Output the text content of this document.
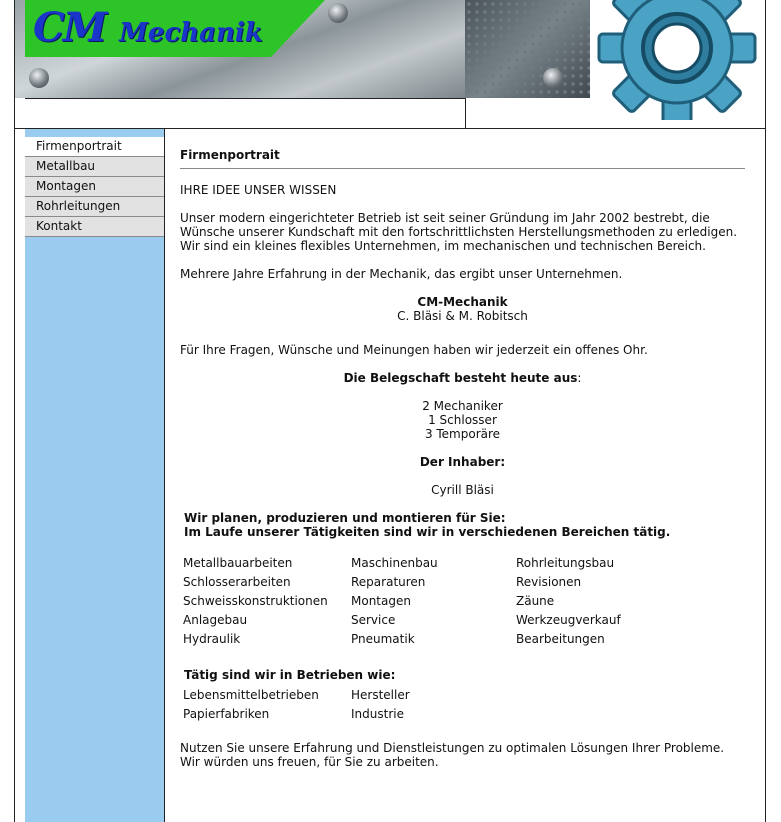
CM Mechanik
Firmenportrait
Metallbau
Montagen
Rohrleitungen
Kontakt
Firmenportrait

IHRE IDEE UNSER WISSEN

Unser modern eingerichteter Betrieb ist seit seiner Gründung im Jahr 2002 bestrebt, die Wünsche unserer Kundschaft mit den fortschrittlichsten Herstellungsmethoden zu erledigen. Wir sind ein kleines flexibles Unternehmen, im mechanischen und technischen Bereich.

Mehrere Jahre Erfahrung in der Mechanik, das ergibt unser Unternehmen.

CM-Mechanik
C. Bläsi & M. Robitsch

Für Ihre Fragen, Wünsche und Meinungen haben wir jederzeit ein offenes Ohr.

Die Belegschaft besteht heute aus:

2 Mechaniker
1 Schlosser
3 Temporäre

Der Inhaber:

Cyrill Bläsi

Wir planen, produzieren und montieren für Sie:
Im Laufe unserer Tätigkeiten sind wir in verschiedenen Bereichen tätig.
Metallbauarbeiten	Maschinenbau	Rohrleitungsbau
Schlosserarbeiten	Reparaturen	Revisionen
Schweisskonstruktionen	Montagen	Zäune
Anlagebau	Service	Werkzeugverkauf
Hydraulik	Pneumatik	Bearbeitungen
Tätig sind wir in Betrieben wie:
Lebensmittelbetrieben	Hersteller
Papierfabriken	Industrie

Nutzen Sie unsere Erfahrung und Dienstleistungen zu optimalen Lösungen Ihrer Probleme.
Wir würden uns freuen, für Sie zu arbeiten.
